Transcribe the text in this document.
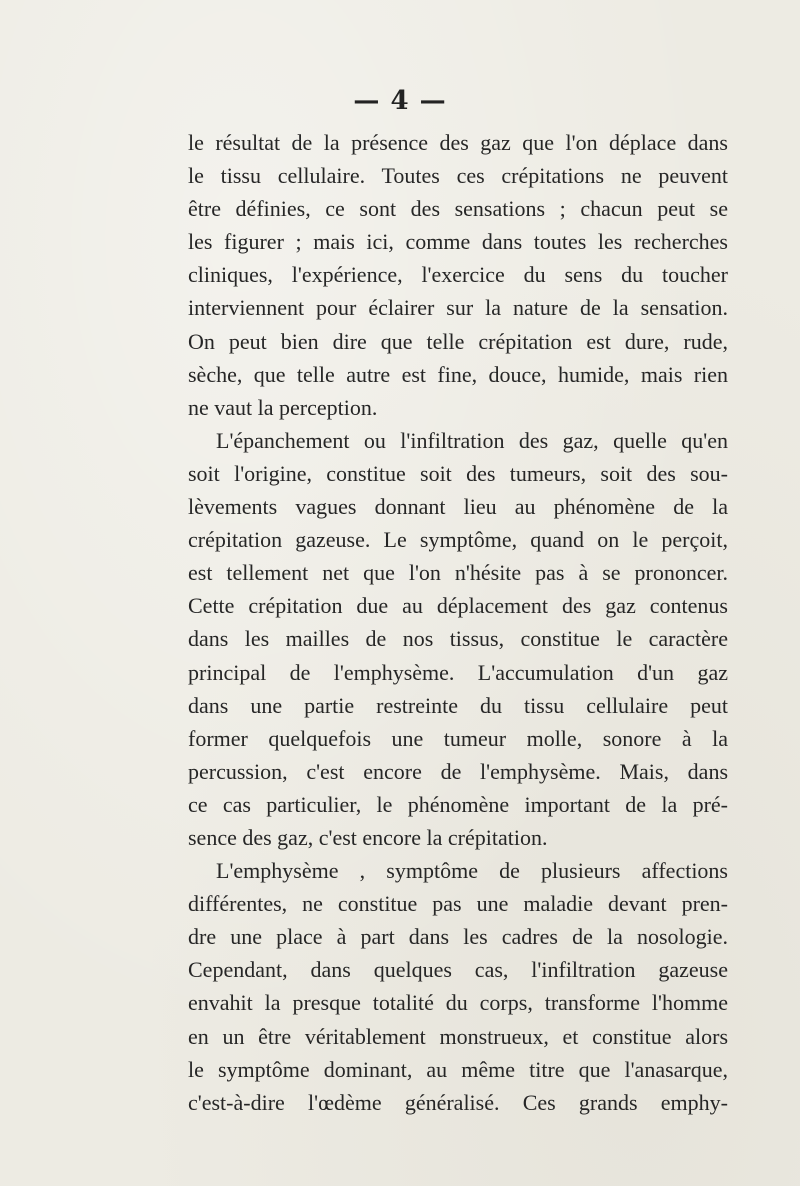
— 4 —
le résultat de la présence des gaz que l'on déplace dans
le tissu cellulaire. Toutes ces crépitations ne peuvent
être définies, ce sont des sensations ; chacun peut se
les figurer ; mais ici, comme dans toutes les recherches
cliniques, l'expérience, l'exercice du sens du toucher
interviennent pour éclairer sur la nature de la sensation.
On peut bien dire que telle crépitation est dure, rude,
sèche, que telle autre est fine, douce, humide, mais rien
ne vaut la perception.
L'épanchement ou l'infiltration des gaz, quelle qu'en
soit l'origine, constitue soit des tumeurs, soit des sou-
lèvements vagues donnant lieu au phénomène de la
crépitation gazeuse. Le symptôme, quand on le perçoit,
est tellement net que l'on n'hésite pas à se prononcer.
Cette crépitation due au déplacement des gaz contenus
dans les mailles de nos tissus, constitue le caractère
principal de l'emphysème. L'accumulation d'un gaz
dans une partie restreinte du tissu cellulaire peut
former quelquefois une tumeur molle, sonore à la
percussion, c'est encore de l'emphysème. Mais, dans
ce cas particulier, le phénomène important de la pré-
sence des gaz, c'est encore la crépitation.
L'emphysème , symptôme de plusieurs affections
différentes, ne constitue pas une maladie devant pren-
dre une place à part dans les cadres de la nosologie.
Cependant, dans quelques cas, l'infiltration gazeuse
envahit la presque totalité du corps, transforme l'homme
en un être véritablement monstrueux, et constitue alors
le symptôme dominant, au même titre que l'anasarque,
c'est-à-dire l'œdème généralisé. Ces grands emphy-
